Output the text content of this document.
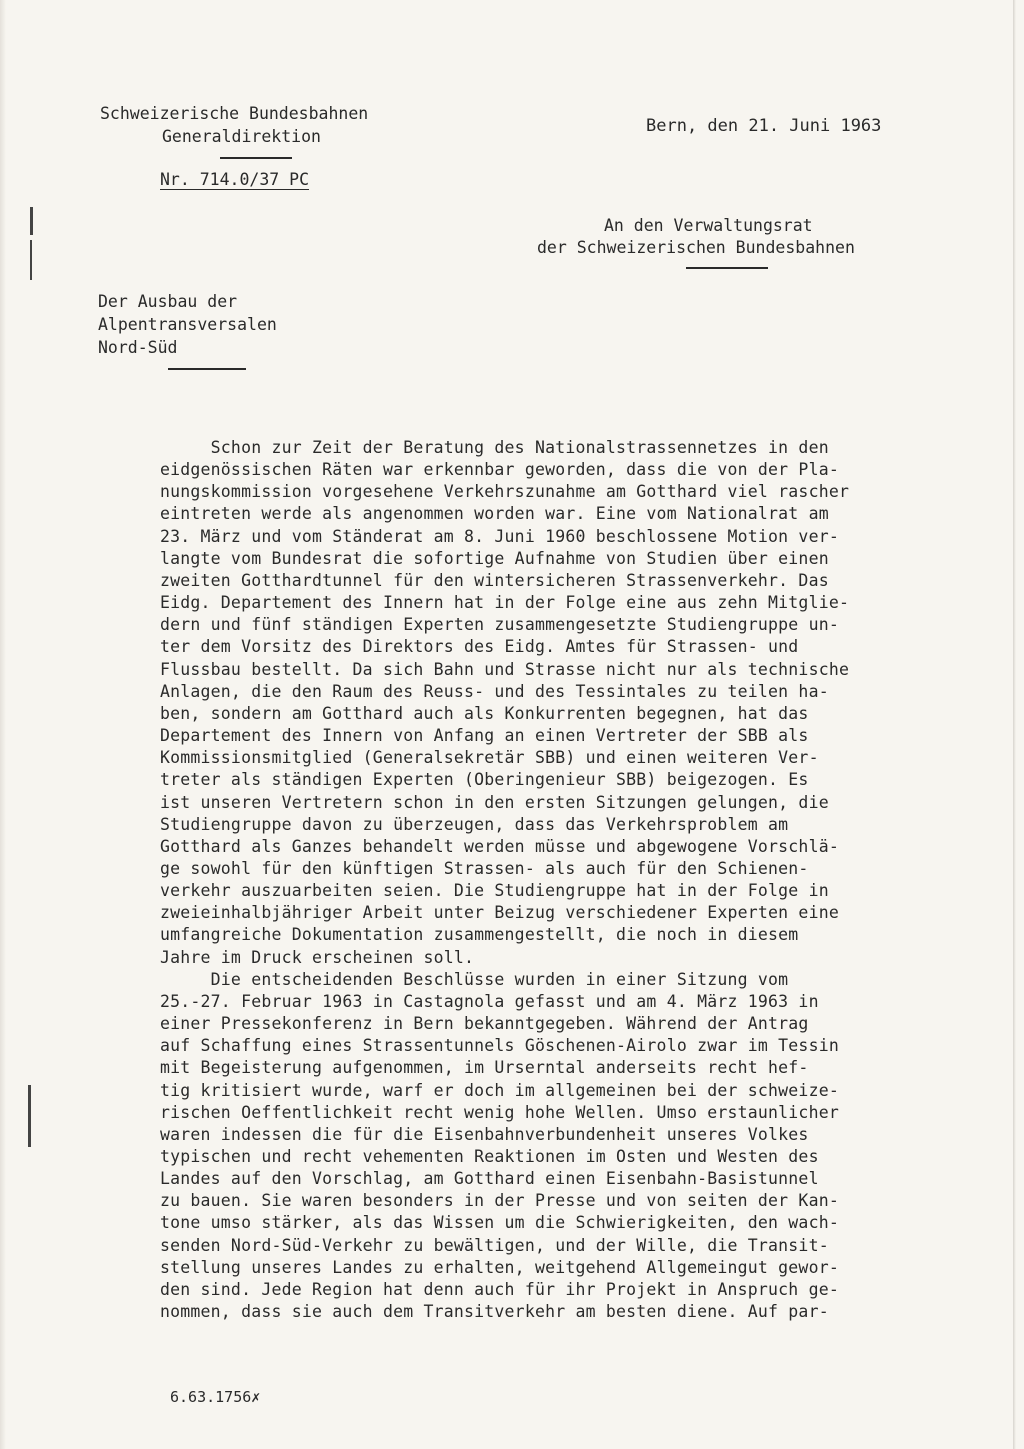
Schweizerische Bundesbahnen
Generaldirektion
Nr. 714.0/37 PC
Bern, den 21. Juni 1963
An den Verwaltungsrat
der Schweizerischen Bundesbahnen
Der Ausbau der
Alpentransversalen
Nord-Süd
Schon zur Zeit der Beratung des Nationalstrassennetzes in den
eidgenössischen Räten war erkennbar geworden, dass die von der Pla-
nungskommission vorgesehene Verkehrszunahme am Gotthard viel rascher
eintreten werde als angenommen worden war. Eine vom Nationalrat am
23. März und vom Ständerat am 8. Juni 1960 beschlossene Motion ver-
langte vom Bundesrat die sofortige Aufnahme von Studien über einen
zweiten Gotthardtunnel für den wintersicheren Strassenverkehr. Das
Eidg. Departement des Innern hat in der Folge eine aus zehn Mitglie-
dern und fünf ständigen Experten zusammengesetzte Studiengruppe un-
ter dem Vorsitz des Direktors des Eidg. Amtes für Strassen- und
Flussbau bestellt. Da sich Bahn und Strasse nicht nur als technische
Anlagen, die den Raum des Reuss- und des Tessintales zu teilen ha-
ben, sondern am Gotthard auch als Konkurrenten begegnen, hat das
Departement des Innern von Anfang an einen Vertreter der SBB als
Kommissionsmitglied (Generalsekretär SBB) und einen weiteren Ver-
treter als ständigen Experten (Oberingenieur SBB) beigezogen. Es
ist unseren Vertretern schon in den ersten Sitzungen gelungen, die
Studiengruppe davon zu überzeugen, dass das Verkehrsproblem am
Gotthard als Ganzes behandelt werden müsse und abgewogene Vorschlä-
ge sowohl für den künftigen Strassen- als auch für den Schienen-
verkehr auszuarbeiten seien. Die Studiengruppe hat in der Folge in
zweieinhalbjähriger Arbeit unter Beizug verschiedener Experten eine
umfangreiche Dokumentation zusammengestellt, die noch in diesem
Jahre im Druck erscheinen soll.
Die entscheidenden Beschlüsse wurden in einer Sitzung vom
25.-27. Februar 1963 in Castagnola gefasst und am 4. März 1963 in
einer Pressekonferenz in Bern bekanntgegeben. Während der Antrag
auf Schaffung eines Strassentunnels Göschenen-Airolo zwar im Tessin
mit Begeisterung aufgenommen, im Urserntal anderseits recht hef-
tig kritisiert wurde, warf er doch im allgemeinen bei der schweize-
rischen Oeffentlichkeit recht wenig hohe Wellen. Umso erstaunlicher
waren indessen die für die Eisenbahnverbundenheit unseres Volkes
typischen und recht vehementen Reaktionen im Osten und Westen des
Landes auf den Vorschlag, am Gotthard einen Eisenbahn-Basistunnel
zu bauen. Sie waren besonders in der Presse und von seiten der Kan-
tone umso stärker, als das Wissen um die Schwierigkeiten, den wach-
senden Nord-Süd-Verkehr zu bewältigen, und der Wille, die Transit-
stellung unseres Landes zu erhalten, weitgehend Allgemeingut gewor-
den sind. Jede Region hat denn auch für ihr Projekt in Anspruch ge-
nommen, dass sie auch dem Transitverkehr am besten diene. Auf par-
6.63.1756✗
